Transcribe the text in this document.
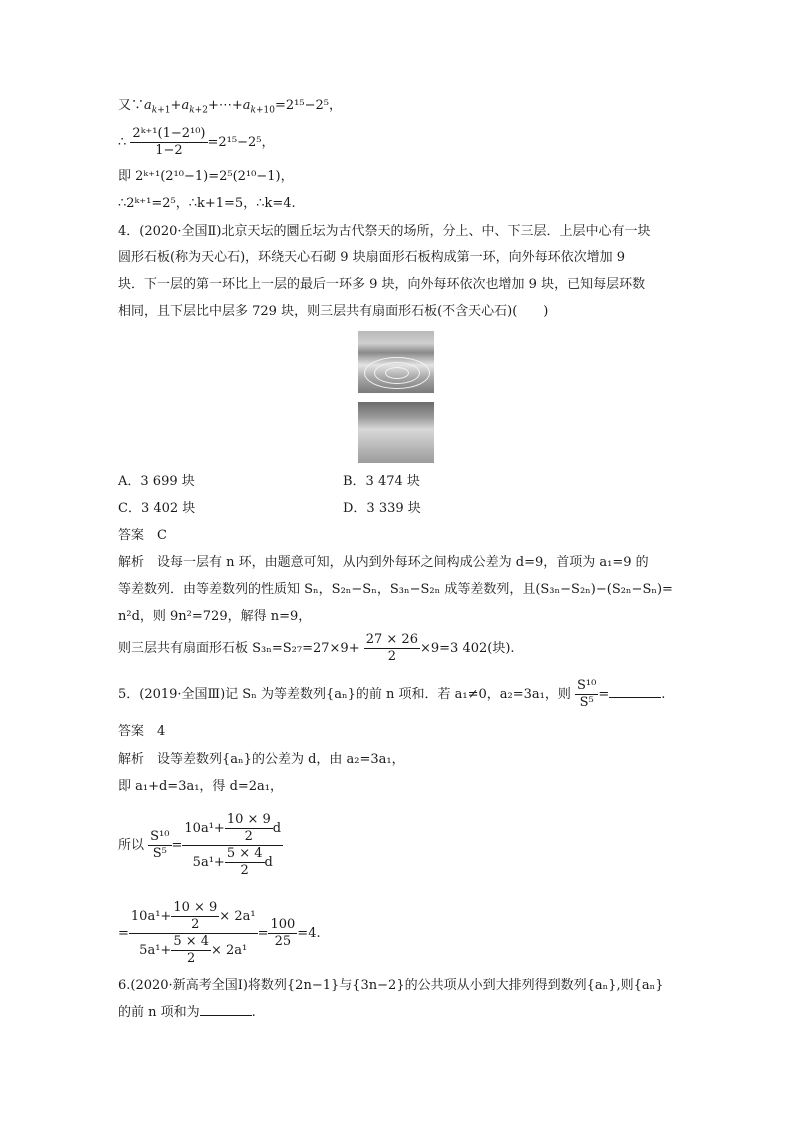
又$\because a_{k+1}+a_{k+2}+\cdots+a_{k+10}=2^{15}-2^5$，
∴ $\frac{\text{2ᵏ⁺¹(1−2¹⁰)}}{1-2} =2^{15}-2^5$，
即 2ᵏ⁺¹(2¹⁰−1)=2⁵(2¹⁰−1)，
∴2ᵏ⁺¹=2⁵，∴k+1=5，∴k=4.
4．(2020·全国Ⅱ)北京天坛的圜丘坛为古代祭天的场所，分上、中、下三层．上层中心有一块
圆形石板(称为天心石)，环绕天心石砌 9 块扇面形石板构成第一环，向外每环依次增加 9
块．下一层的第一环比上一层的最后一环多 9 块，向外每环依次也增加 9 块，已知每层环数
相同，且下层比中层多 729 块，则三层共有扇面形石板(不含天心石)(　　)
A．3 699 块	B．3 474 块
C．3 402 块	D．3 339 块
答案　 C
解析　 设每一层有 n 环，由题意可知，从内到外每环之间构成公差为 d=9，首项为 a₁=9 的
等差数列．由等差数列的性质知 Sₙ，S₂ₙ−Sₙ，S₃ₙ−S₂ₙ 成等差数列，且(S₃ₙ−S₂ₙ)−(S₂ₙ−Sₙ)=
n²d，则 9n²=729，解得 n=9，
则三层共有扇面形石板 $S_{3n}=S_{27}=27\times 9+ \frac{27 \times 26}{2} \times 9=3$ 402(块).
5．(2019·全国Ⅲ)记 Sₙ 为等差数列{aₙ}的前 n 项和．若 a₁≠0，a₂=3a₁，则 $\frac{\text{S¹⁰}}{\text{S⁵}}$ =	.
答案　 4
解析　 设等差数列{aₙ}的公差为 d，由 a₂=3a₁，
即 a₁+d=3a₁，得 d=2a₁，
所以 $\frac{\text{S¹⁰}}{\text{S⁵}} = \frac{10a^1+ \frac{10 \times 9}{2} d}{5a^1+ \frac{5 \times 4}{2} d}$
= $\frac{10a^1+ \frac{10 \times 9}{2} \times 2a^1}{5a^1+ \frac{5 \times 4}{2} \times 2a^1} = \frac{100}{25} =4$.
6.(2020·新高考全国Ⅰ)将数列{2n−1}与{3n−2}的公共项从小到大排列得到数列{aₙ},则{aₙ}
的前 n 项和为	.
